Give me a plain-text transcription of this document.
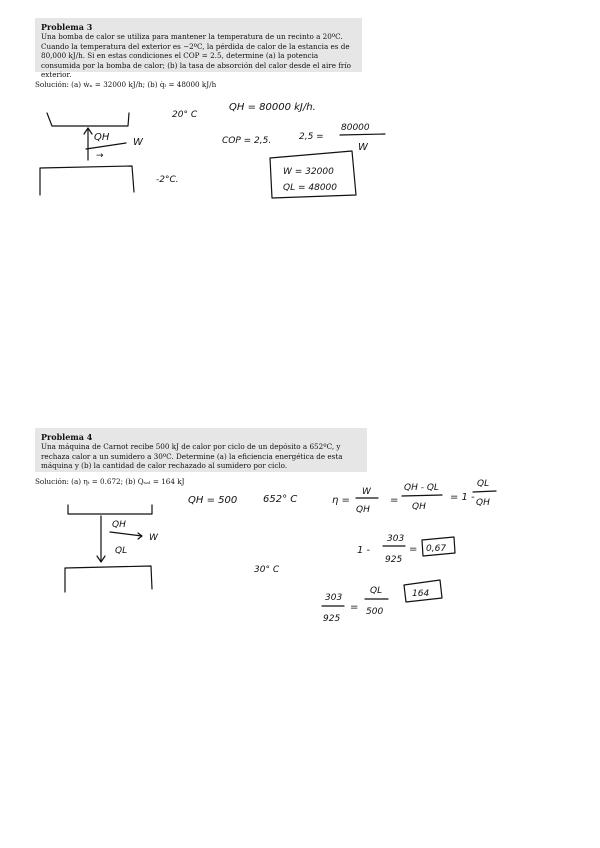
Problema 3
Una bomba de calor se utiliza para mantener la temperatura de un recinto a 20ºC. Cuando la temperatura del exterior es −2ºC, la pérdida de calor de la estancia es de 80,000 kJ/h. Si en estas condiciones el COP = 2.5, determine (a) la potencia consumida por la bomba de calor; (b) la tasa de absorción del calor desde el aire frío exterior.
Solución: (a) ẇₙ = 32000 kJ/h; (b) q̇ₗ = 48000 kJ/h
Problema 4
Una máquina de Carnot recibe 500 kJ de calor por ciclo de un depósito a 652ºC, y rechaza calor a un sumidero a 30ºC. Determine (a) la eficiencia energética de esta máquina y (b) la cantidad de calor rechazado al sumidero por ciclo.
Solución: (a) ηₜ = 0.672; (b) Qₛₐₗ = 164 kJ
QH W
→
20° C
-2°C.
QH = 80000 kJ/h.
COP = 2,5.	2,5 =
80000
W
W = 32000
QL = 48000
QH
W
QL
QH = 500	652° C
30° C
η =
W
QH
=
QH - QL
QH
= 1 -
QL
QH
1 -
303
925
= 0,67
303
925
=
QL
500
164
